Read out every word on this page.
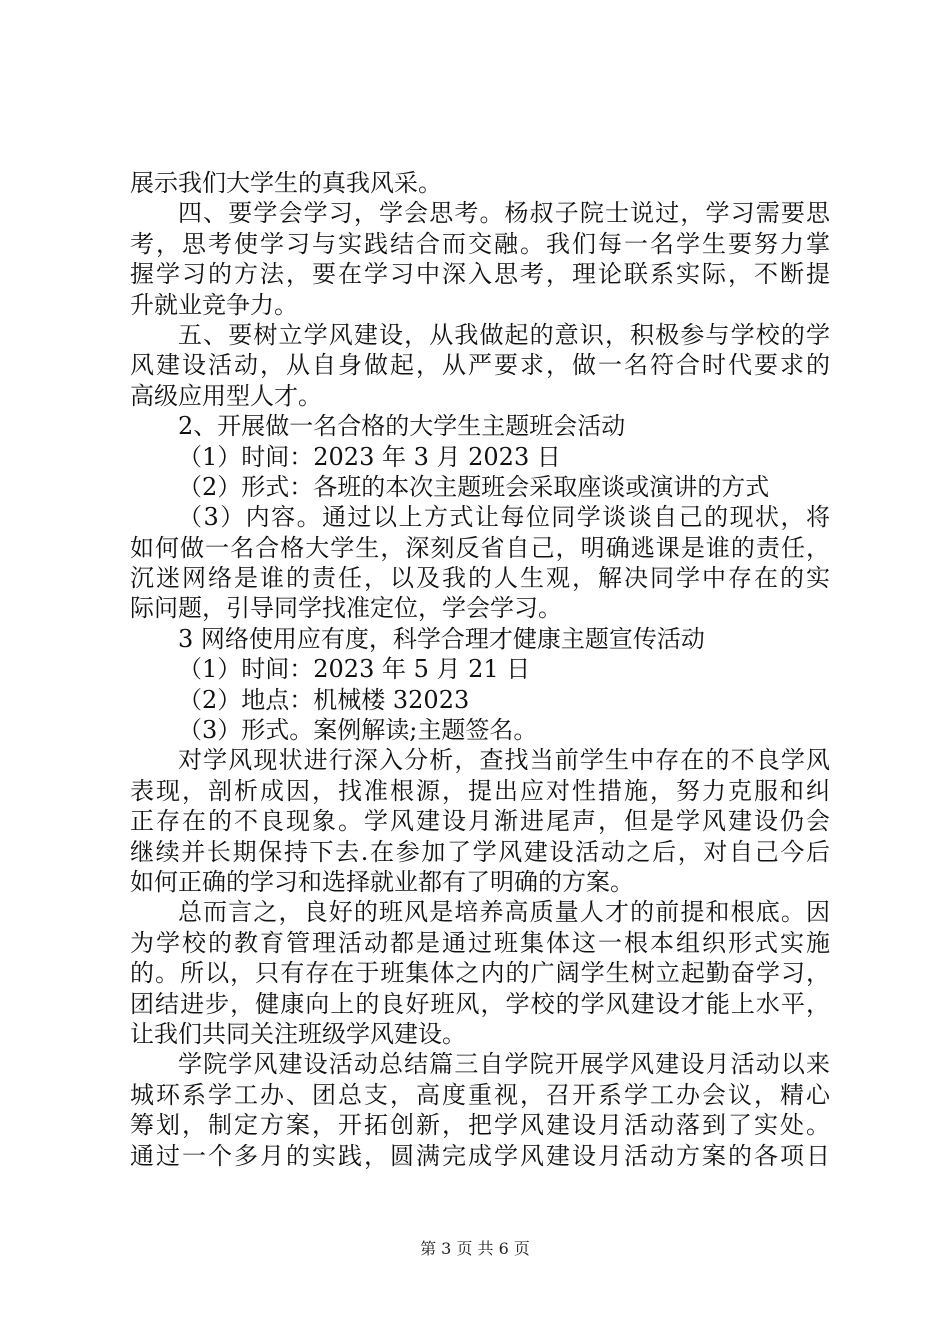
展示我们大学生的真我风采。
四、要学会学习，学会思考。杨叔子院士说过，学习需要思
考，思考使学习与实践结合而交融。我们每一名学生要努力掌
握学习的方法，要在学习中深入思考，理论联系实际，不断提
升就业竞争力。
五、要树立学风建设，从我做起的意识，积极参与学校的学
风建设活动，从自身做起，从严要求，做一名符合时代要求的
高级应用型人才。
2、开展做一名合格的大学生主题班会活动
（1）时间：2023 年 3 月 2023 日
（2）形式：各班的本次主题班会采取座谈或演讲的方式
（3）内容。通过以上方式让每位同学谈谈自己的现状，将
如何做一名合格大学生，深刻反省自己，明确逃课是谁的责任，
沉迷网络是谁的责任，以及我的人生观，解决同学中存在的实
际问题，引导同学找准定位，学会学习。
3 网络使用应有度，科学合理才健康主题宣传活动
（1）时间：2023 年 5 月 21 日
（2）地点：机械楼 32023
（3）形式。案例解读;主题签名。
对学风现状进行深入分析，查找当前学生中存在的不良学风
表现，剖析成因，找准根源，提出应对性措施，努力克服和纠
正存在的不良现象。学风建设月渐进尾声，但是学风建设仍会
继续并长期保持下去.在参加了学风建设活动之后，对自己今后
如何正确的学习和选择就业都有了明确的方案。
总而言之，良好的班风是培养高质量人才的前提和根底。因
为学校的教育管理活动都是通过班集体这一根本组织形式实施
的。所以，只有存在于班集体之内的广阔学生树立起勤奋学习，
团结进步，健康向上的良好班风，学校的学风建设才能上水平，
让我们共同关注班级学风建设。
学院学风建设活动总结篇三自学院开展学风建设月活动以来
城环系学工办、团总支，高度重视，召开系学工办会议，精心
筹划，制定方案，开拓创新，把学风建设月活动落到了实处。
通过一个多月的实践，圆满完成学风建设月活动方案的各项日
第 3 页 共 6 页
